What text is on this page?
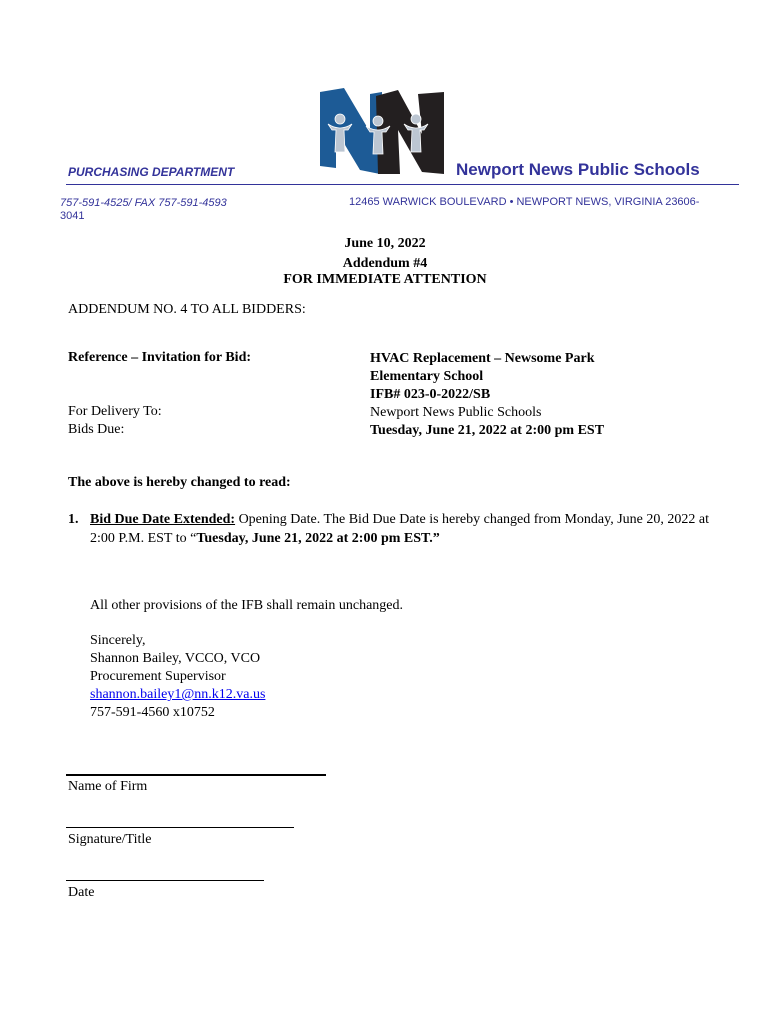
PURCHASING DEPARTMENT	Newport News Public Schools
757-591-4525/ FAX 757-591-4593
3041
12465 WARWICK BOULEVARD • NEWPORT NEWS, VIRGINIA 23606-
June 10, 2022
Addendum #4
FOR IMMEDIATE ATTENTION
ADDENDUM NO. 4 TO ALL BIDDERS:
Reference – Invitation for Bid:	HVAC Replacement – Newsome Park
Elementary School
IFB# 023-0-2022/SB
Newport News Public Schools
Tuesday, June 21, 2022 at 2:00 pm EST
For Delivery To:
Bids Due:
The above is hereby changed to read:
1. Bid Due Date Extended: Opening Date. The Bid Due Date is hereby changed from Monday, June 20, 2022 at 2:00 P.M. EST to “Tuesday, June 21, 2022 at 2:00 pm EST.”
All other provisions of the IFB shall remain unchanged.
Sincerely,
Shannon Bailey, VCCO, VCO
Procurement Supervisor
shannon.bailey1@nn.k12.va.us
757-591-4560 x10752
Name of Firm
Signature/Title
Date
